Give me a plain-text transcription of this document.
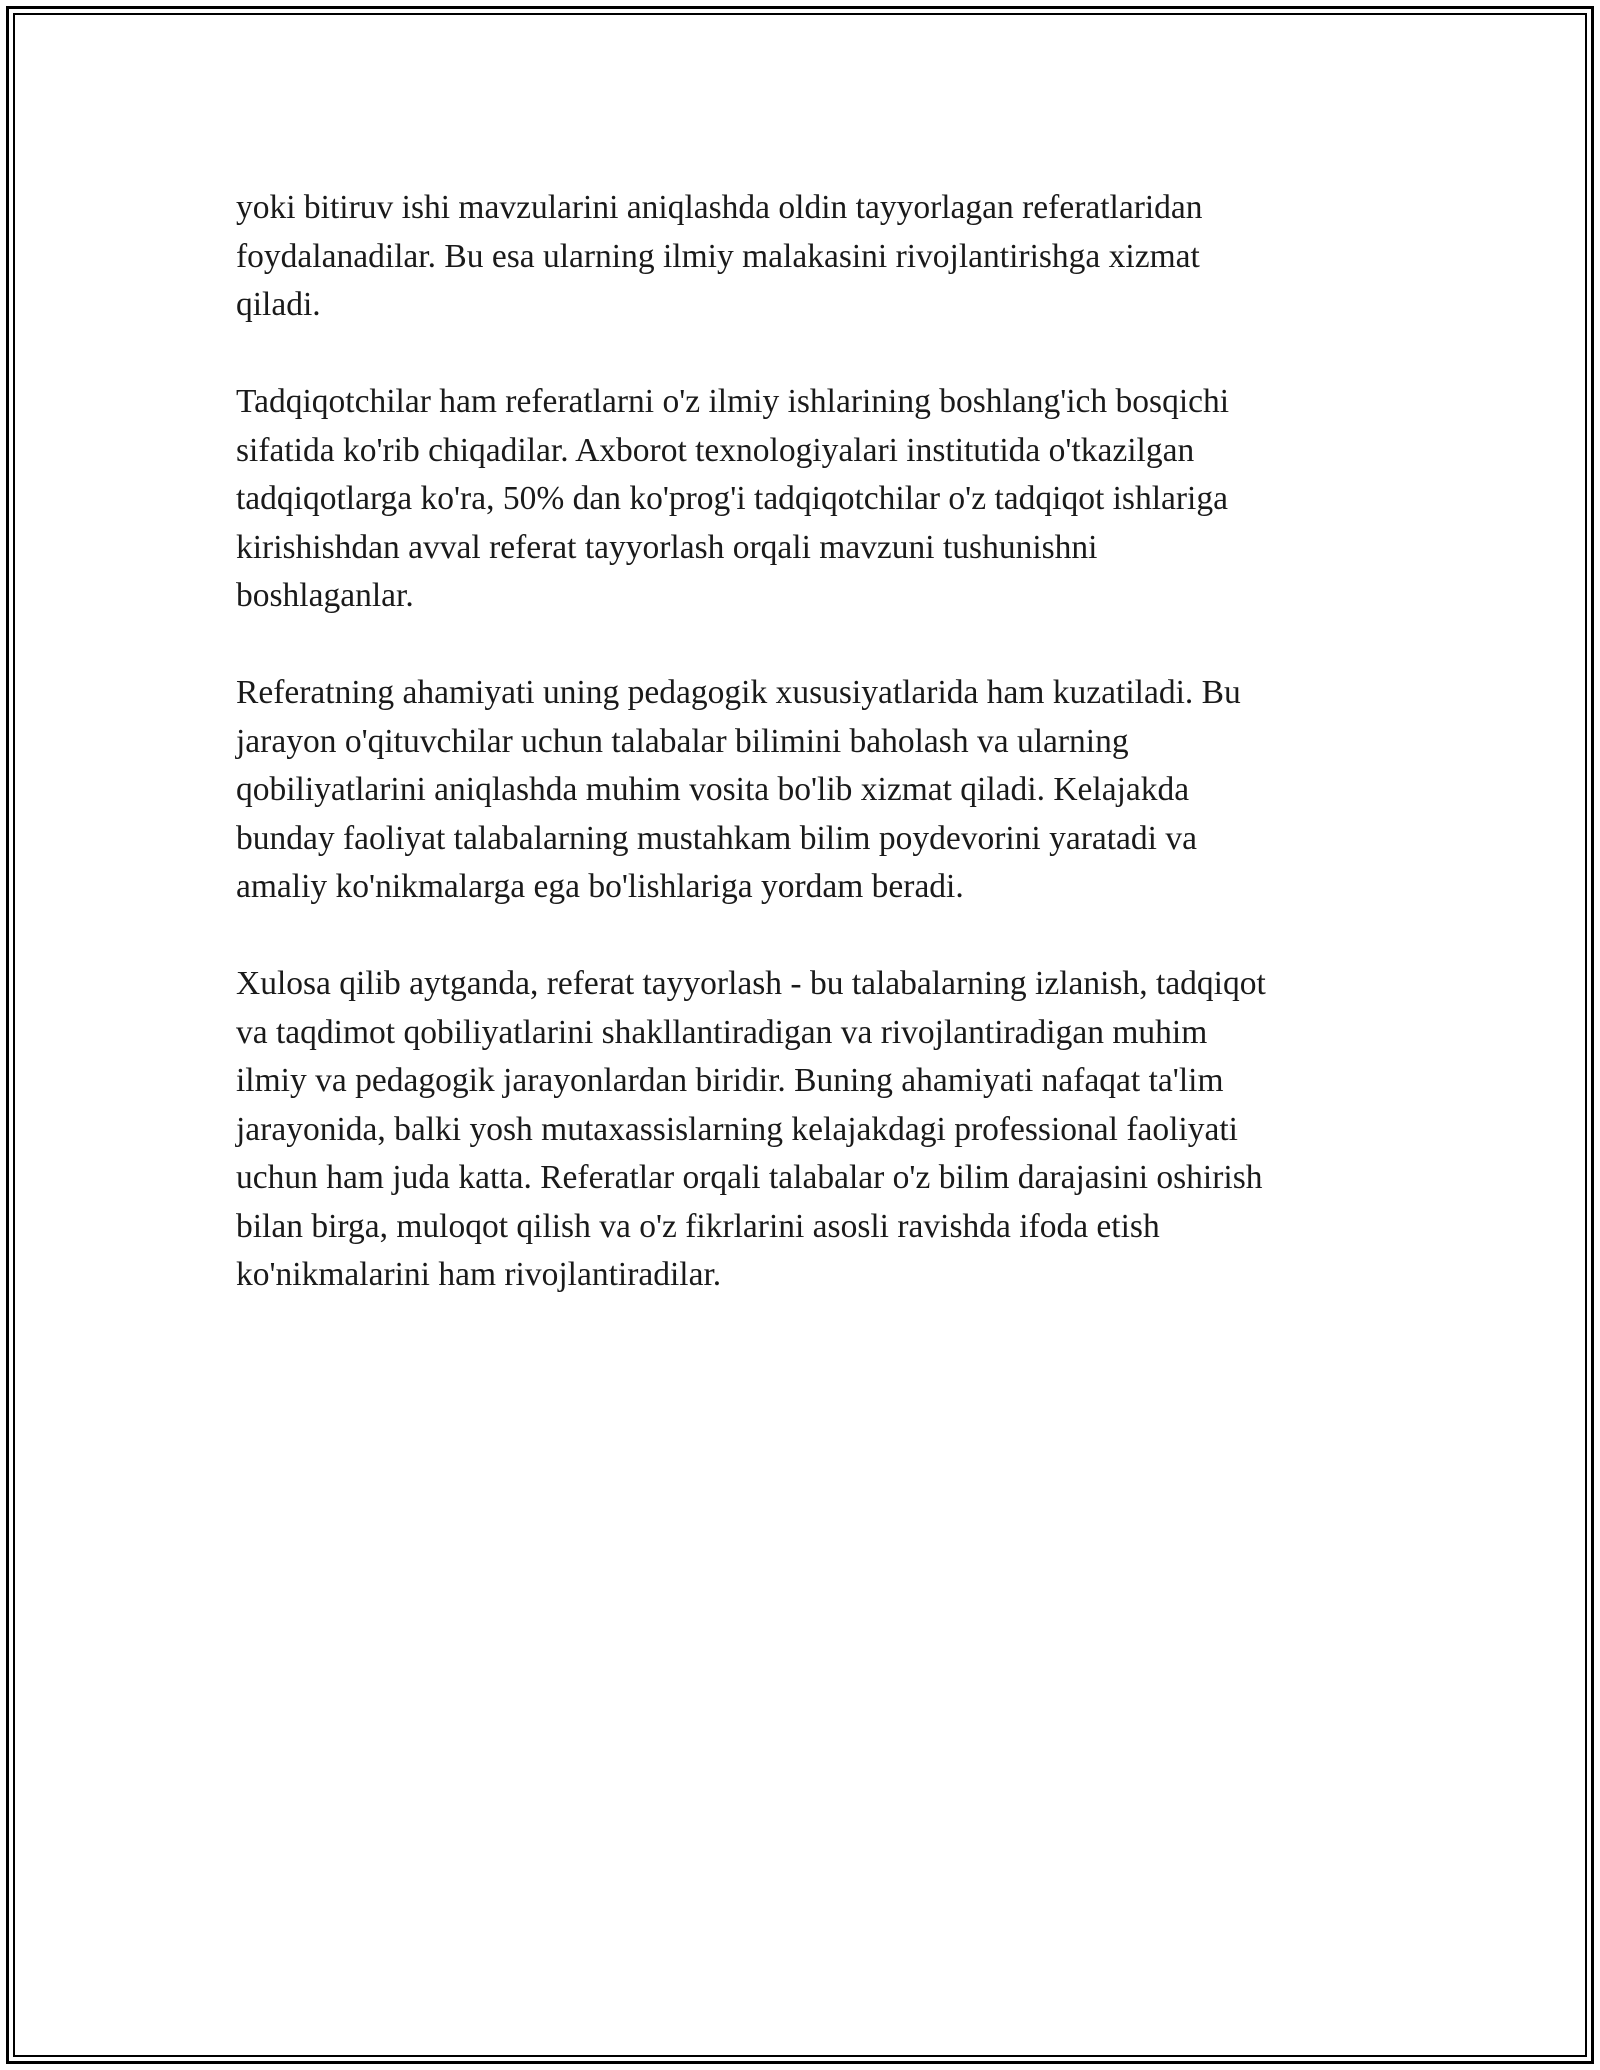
yoki bitiruv ishi mavzularini aniqlashda oldin tayyorlagan referatlaridan
foydalanadilar. Bu esa ularning ilmiy malakasini rivojlantirishga xizmat
qiladi.

Tadqiqotchilar ham referatlarni o'z ilmiy ishlarining boshlang'ich bosqichi
sifatida ko'rib chiqadilar. Axborot texnologiyalari institutida o'tkazilgan
tadqiqotlarga ko'ra, 50% dan ko'prog'i tadqiqotchilar o'z tadqiqot ishlariga
kirishishdan avval referat tayyorlash orqali mavzuni tushunishni
boshlaganlar.

Referatning ahamiyati uning pedagogik xususiyatlarida ham kuzatiladi. Bu
jarayon o'qituvchilar uchun talabalar bilimini baholash va ularning
qobiliyatlarini aniqlashda muhim vosita bo'lib xizmat qiladi. Kelajakda
bunday faoliyat talabalarning mustahkam bilim poydevorini yaratadi va
amaliy ko'nikmalarga ega bo'lishlariga yordam beradi.

Xulosa qilib aytganda, referat tayyorlash - bu talabalarning izlanish, tadqiqot
va taqdimot qobiliyatlarini shakllantiradigan va rivojlantiradigan muhim
ilmiy va pedagogik jarayonlardan biridir. Buning ahamiyati nafaqat ta'lim
jarayonida, balki yosh mutaxassislarning kelajakdagi professional faoliyati
uchun ham juda katta. Referatlar orqali talabalar o'z bilim darajasini oshirish
bilan birga, muloqot qilish va o'z fikrlarini asosli ravishda ifoda etish
ko'nikmalarini ham rivojlantiradilar.
